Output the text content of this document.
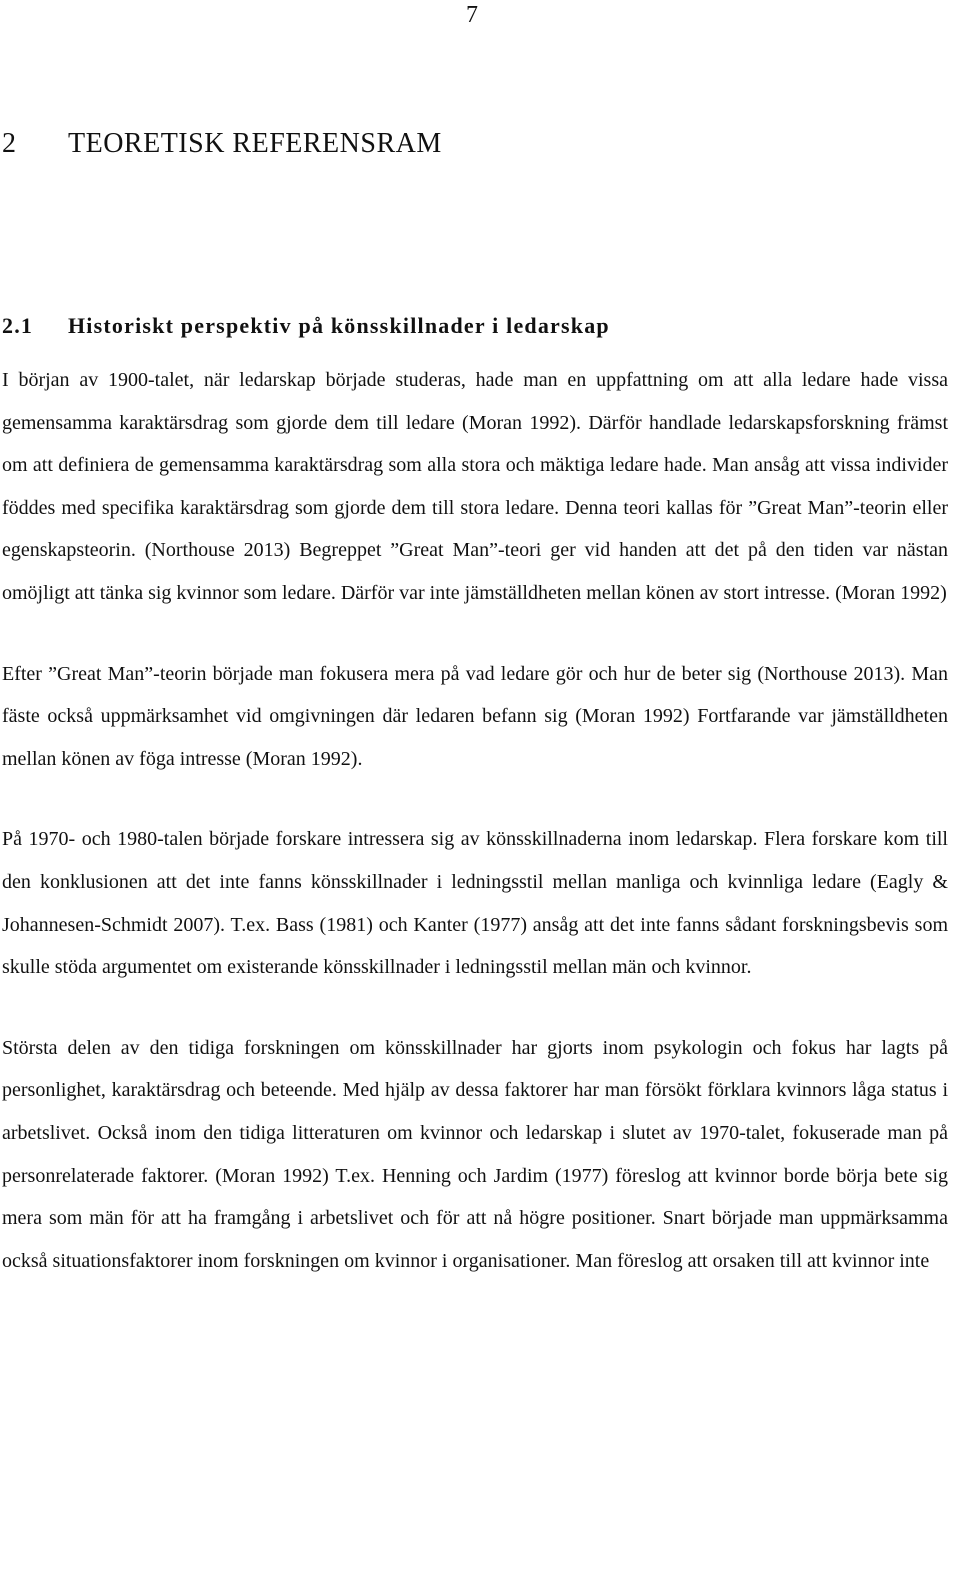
7
2 TEORETISK REFERENSRAM
2.1 Historiskt perspektiv på könsskillnader i ledarskap

I början av 1900-talet, när ledarskap började studeras, hade man en uppfattning om att alla ledare hade vissa gemensamma karaktärsdrag som gjorde dem till ledare (Moran 1992). Därför handlade ledarskapsforskning främst om att definiera de gemensamma karaktärsdrag som alla stora och mäktiga ledare hade. Man ansåg att vissa individer föddes med specifika karaktärsdrag som gjorde dem till stora ledare. Denna teori kallas för ”Great Man”-teorin eller egenskapsteorin. (Northouse 2013) Begreppet ”Great Man”-teori ger vid handen att det på den tiden var nästan omöjligt att tänka sig kvinnor som ledare. Därför var inte jämställdheten mellan könen av stort intresse. (Moran 1992)

Efter ”Great Man”-teorin började man fokusera mera på vad ledare gör och hur de beter sig (Northouse 2013). Man fäste också uppmärksamhet vid omgivningen där ledaren befann sig (Moran 1992) Fortfarande var jämställdheten mellan könen av föga intresse (Moran 1992).

På 1970- och 1980-talen började forskare intressera sig av könsskillnaderna inom ledarskap. Flera forskare kom till den konklusionen att det inte fanns könsskillnader i ledningsstil mellan manliga och kvinnliga ledare (Eagly & Johannesen-Schmidt 2007). T.ex. Bass (1981) och Kanter (1977) ansåg att det inte fanns sådant forskningsbevis som skulle stöda argumentet om existerande könsskillnader i ledningsstil mellan män och kvinnor.

Största delen av den tidiga forskningen om könsskillnader har gjorts inom psykologin och fokus har lagts på personlighet, karaktärsdrag och beteende. Med hjälp av dessa faktorer har man försökt förklara kvinnors låga status i arbetslivet. Också inom den tidiga litteraturen om kvinnor och ledarskap i slutet av 1970-talet, fokuserade man på personrelaterade faktorer. (Moran 1992) T.ex. Henning och Jardim (1977) föreslog att kvinnor borde börja bete sig mera som män för att ha framgång i arbetslivet och för att nå högre positioner. Snart började man uppmärksamma också situationsfaktorer inom forskningen om kvinnor i organisationer. Man föreslog att orsaken till att kvinnor inte
